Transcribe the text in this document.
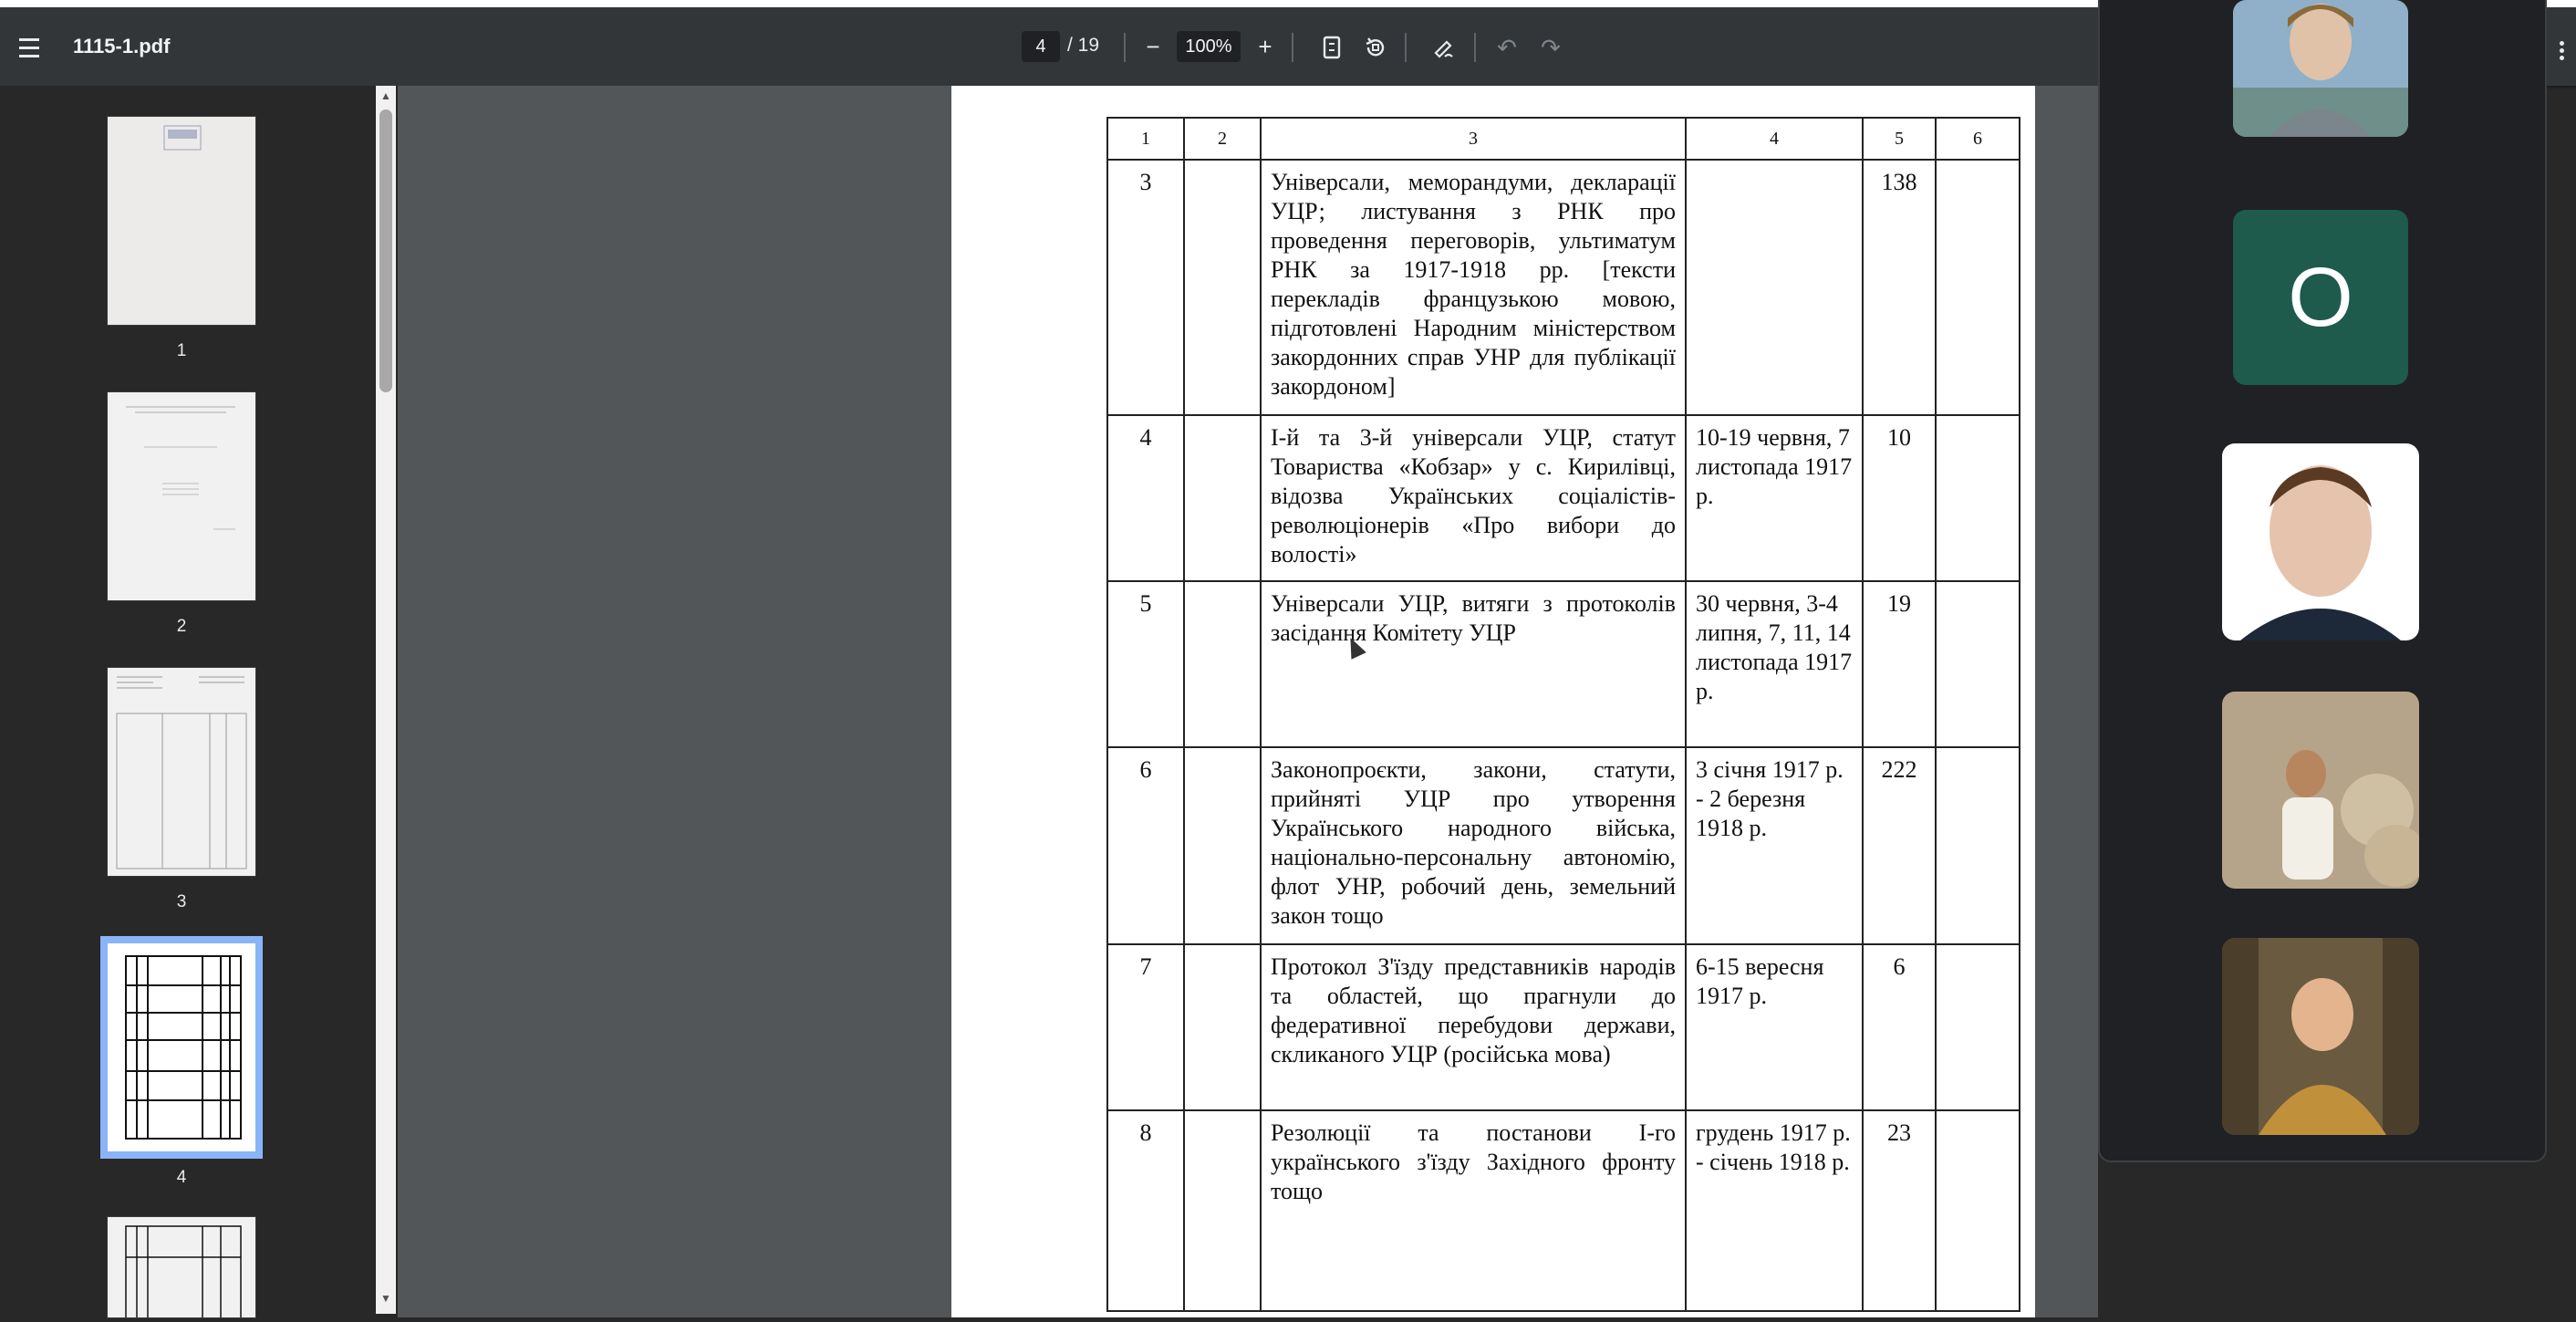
1115-1.pdf	4	/ 19 −	100%	+	↶ ↷
1
2
3
4
▲
▼
1	2	3	4	5	6
3		Універсали, меморандуми, декларації УЦР; листування з РНК про проведення переговорів, ультиматум РНК за 1917-1918 рр. [тексти перекладів французькою мовою, підготовлені Народним міністерством закордонних справ УНР для публікації закордоном]		138	
4		І-й та 3-й універсали УЦР, статут Товариства «Кобзар» у с. Кирилівці, відозва Українських соціалістів-революціонерів «Про вибори до волості»	10-19 червня, 7 листопада 1917 р.	10	
5		Універсали УЦР, витяги з протоколів засідання Комітету УЦР	30 червня, 3-4 липня, 7, 11, 14 листопада 1917 р.	19	
6		Законопроєкти, закони, статути, прийняті УЦР про утворення Українського народного війська, національно-персональну автономію, флот УНР, робочий день, земельний закон тощо	3 січня 1917 р. - 2 березня 1918 р.	222	
7		Протокол З'їзду представників народів та областей, що прагнули до федеративної перебудови держави, скликаного УЦР (російська мова)	6-15 вересня 1917 р.	6	
8		Резолюції та постанови I-го українського з'їзду Західного фронту тощо	грудень 1917 р. - січень 1918 р.	23	
O
